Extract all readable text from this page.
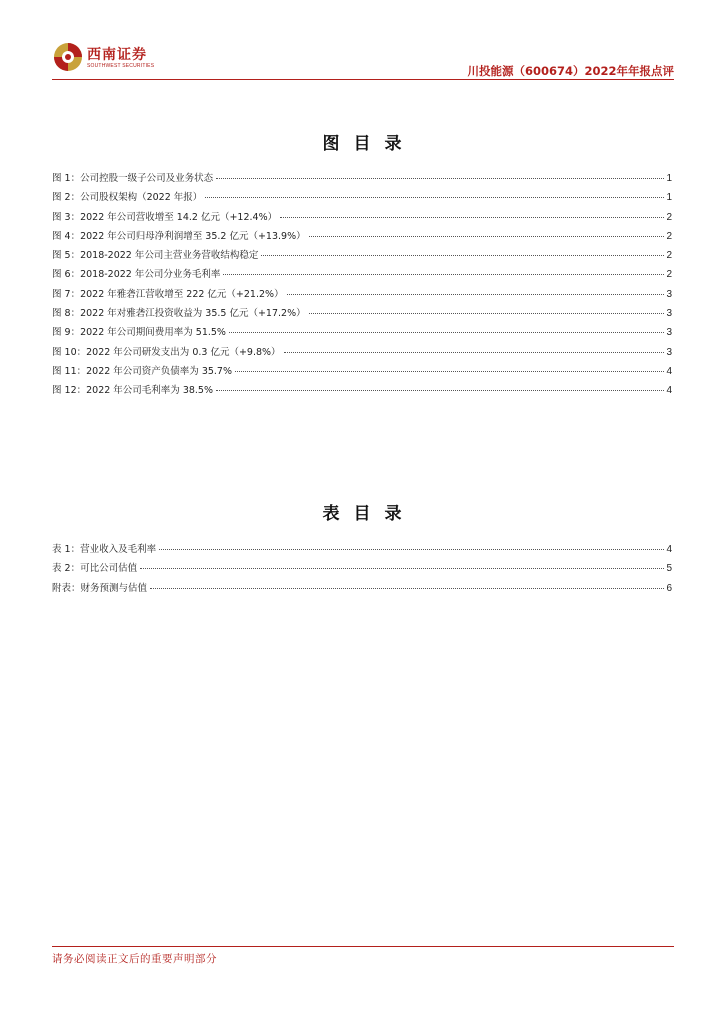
西南证券
SOUTHWEST SECURITIES	川投能源（600674）2022年年报点评
图目录
图 1：公司控股一级子公司及业务状态	1
图 2：公司股权架构（2022 年报）	1
图 3：2022 年公司营收增至 14.2 亿元（+12.4%）	2
图 4：2022 年公司归母净利润增至 35.2 亿元（+13.9%）	2
图 5：2018-2022 年公司主营业务营收结构稳定	2
图 6：2018-2022 年公司分业务毛利率	2
图 7：2022 年雅砻江营收增至 222 亿元（+21.2%）	3
图 8：2022 年对雅砻江投资收益为 35.5 亿元（+17.2%）	3
图 9：2022 年公司期间费用率为 51.5%	3
图 10：2022 年公司研发支出为 0.3 亿元（+9.8%）	3
图 11：2022 年公司资产负债率为 35.7%	4
图 12：2022 年公司毛利率为 38.5%	4
表目录
表 1：营业收入及毛利率	4
表 2：可比公司估值	5
附表：财务预测与估值	6
请务必阅读正文后的重要声明部分
